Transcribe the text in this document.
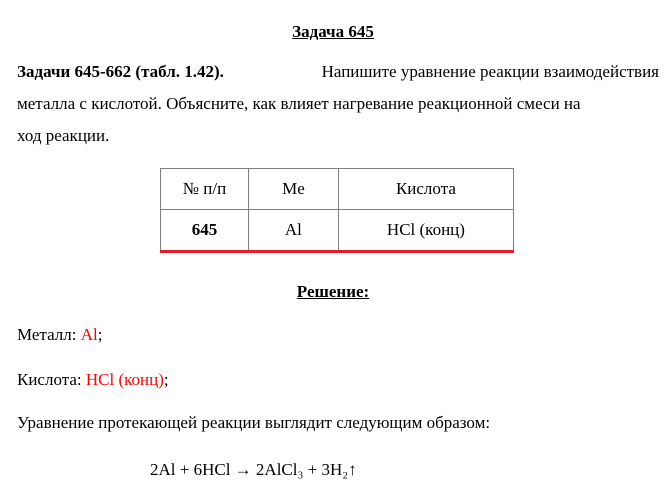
Задача 645
Задачи 645-662 (табл. 1.42).	Напишите уравнение реакции взаимодействия
металла с кислотой. Объясните, как влияет нагревание реакционной смеси на
ход реакции.
№ п/п	Me	Кислота
645	Al	HCl (конц)
Решение:
Металл: Al;
Кислота: HCl (конц);
Уравнение протекающей реакции выглядит следующим образом:
2Al + 6HCl → 2AlCl₃ + 3H₂↑
